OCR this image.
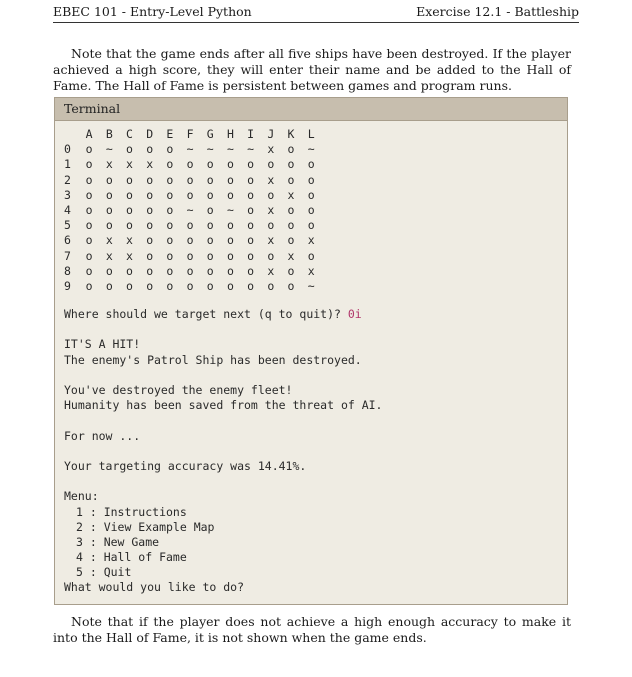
EBEC 101 - Entry-Level Python	Exercise 12.1 - Battleship

Note that the game ends after all five ships have been destroyed. If the player achieved a high score, they will enter their name and be added to the Hall of Fame. The Hall of Fame is persistent between games and program runs.

Terminal
A	B	C	D	E	F	G	H	I	J	K	L
0	o	~	o	o	o	~	~	~	~	x	o	~
1	o	x	x	x	o	o	o	o	o	o	o	o
2	o	o	o	o	o	o	o	o	o	x	o	o
3	o	o	o	o	o	o	o	o	o	o	x	o
4	o	o	o	o	o	~	o	~	o	x	o	o
5	o	o	o	o	o	o	o	o	o	o	o	o
6	o	x	x	o	o	o	o	o	o	x	o	x
7	o	x	x	o	o	o	o	o	o	o	x	o
8	o	o	o	o	o	o	o	o	o	x	o	x
9	o	o	o	o	o	o	o	o	o	o	o	~
Where should we target next (q to quit)? 0i
IT'S A HIT!
The enemy's Patrol Ship has been destroyed.
You've destroyed the enemy fleet!
Humanity has been saved from the threat of AI.
For now ...
Your targeting accuracy was 14.41%.
Menu:
1 : Instructions
2 : View Example Map
3 : New Game
4 : Hall of Fame
5 : Quit
What would you like to do?

Note that if the player does not achieve a high enough accuracy to make it into the Hall of Fame, it is not shown when the game ends.
